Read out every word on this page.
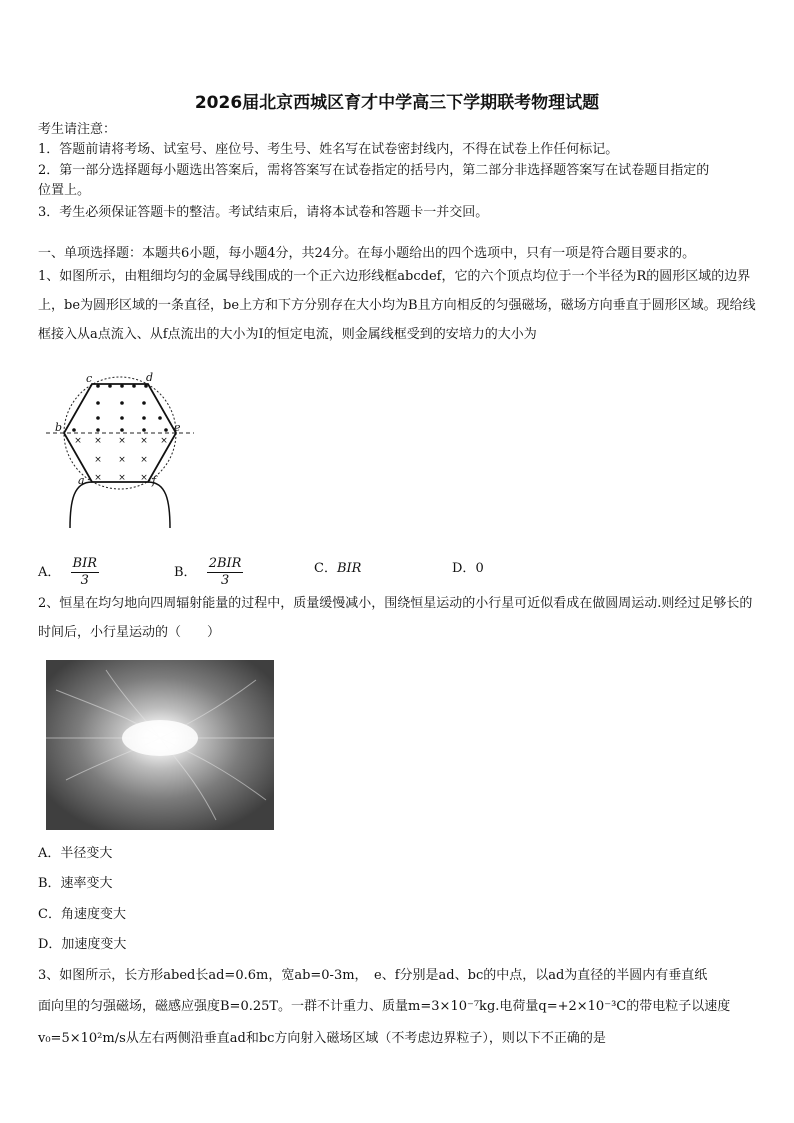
2026届北京西城区育才中学高三下学期联考物理试题
考生请注意：
1．答题前请将考场、试室号、座位号、考生号、姓名写在试卷密封线内，不得在试卷上作任何标记。
2．第一部分选择题每小题选出答案后，需将答案写在试卷指定的括号内，第二部分非选择题答案写在试卷题目指定的
位置上。
3．考生必须保证答题卡的整洁。考试结束后，请将本试卷和答题卡一并交回。
一、单项选择题：本题共6小题，每小题4分，共24分。在每小题给出的四个选项中，只有一项是符合题目要求的。
1、如图所示，由粗细均匀的金属导线围成的一个正六边形线框abcdef，它的六个顶点均位于一个半径为R的圆形区域的边界上，be为圆形区域的一条直径，be上方和下方分别存在大小均为B且方向相反的匀强磁场，磁场方向垂直于圆形区域。现给线框接入从a点流入、从f点流出的大小为I的恒定电流，则金属线框受到的安培力的大小为
× × × × ×
× × ×
× × ×
c	d
b	e
a	f
A． $\frac{\text{BIR}}{3}$	B． $\frac{\text{2BIR}}{3}$	C．BIR	D．0
2、恒星在均匀地向四周辐射能量的过程中，质量缓慢减小，围绕恒星运动的小行星可近似看成在做圆周运动.则经过足够长的时间后，小行星运动的（　　）
A．半径变大
B．速率变大
C．角速度变大
D．加速度变大
3、如图所示，长方形abed长ad=0.6m，宽ab=0-3m，　e、f分别是ad、bc的中点，以ad为直径的半圆内有垂直纸
面向里的匀强磁场，磁感应强度B=0.25T。一群不计重力、质量m=3×10⁻⁷kg.电荷量q=+2×10⁻³C的带电粒子以速度
v₀=5×10²m/s从左右两侧沿垂直ad和bc方向射入磁场区域（不考虑边界粒子），则以下不正确的是
